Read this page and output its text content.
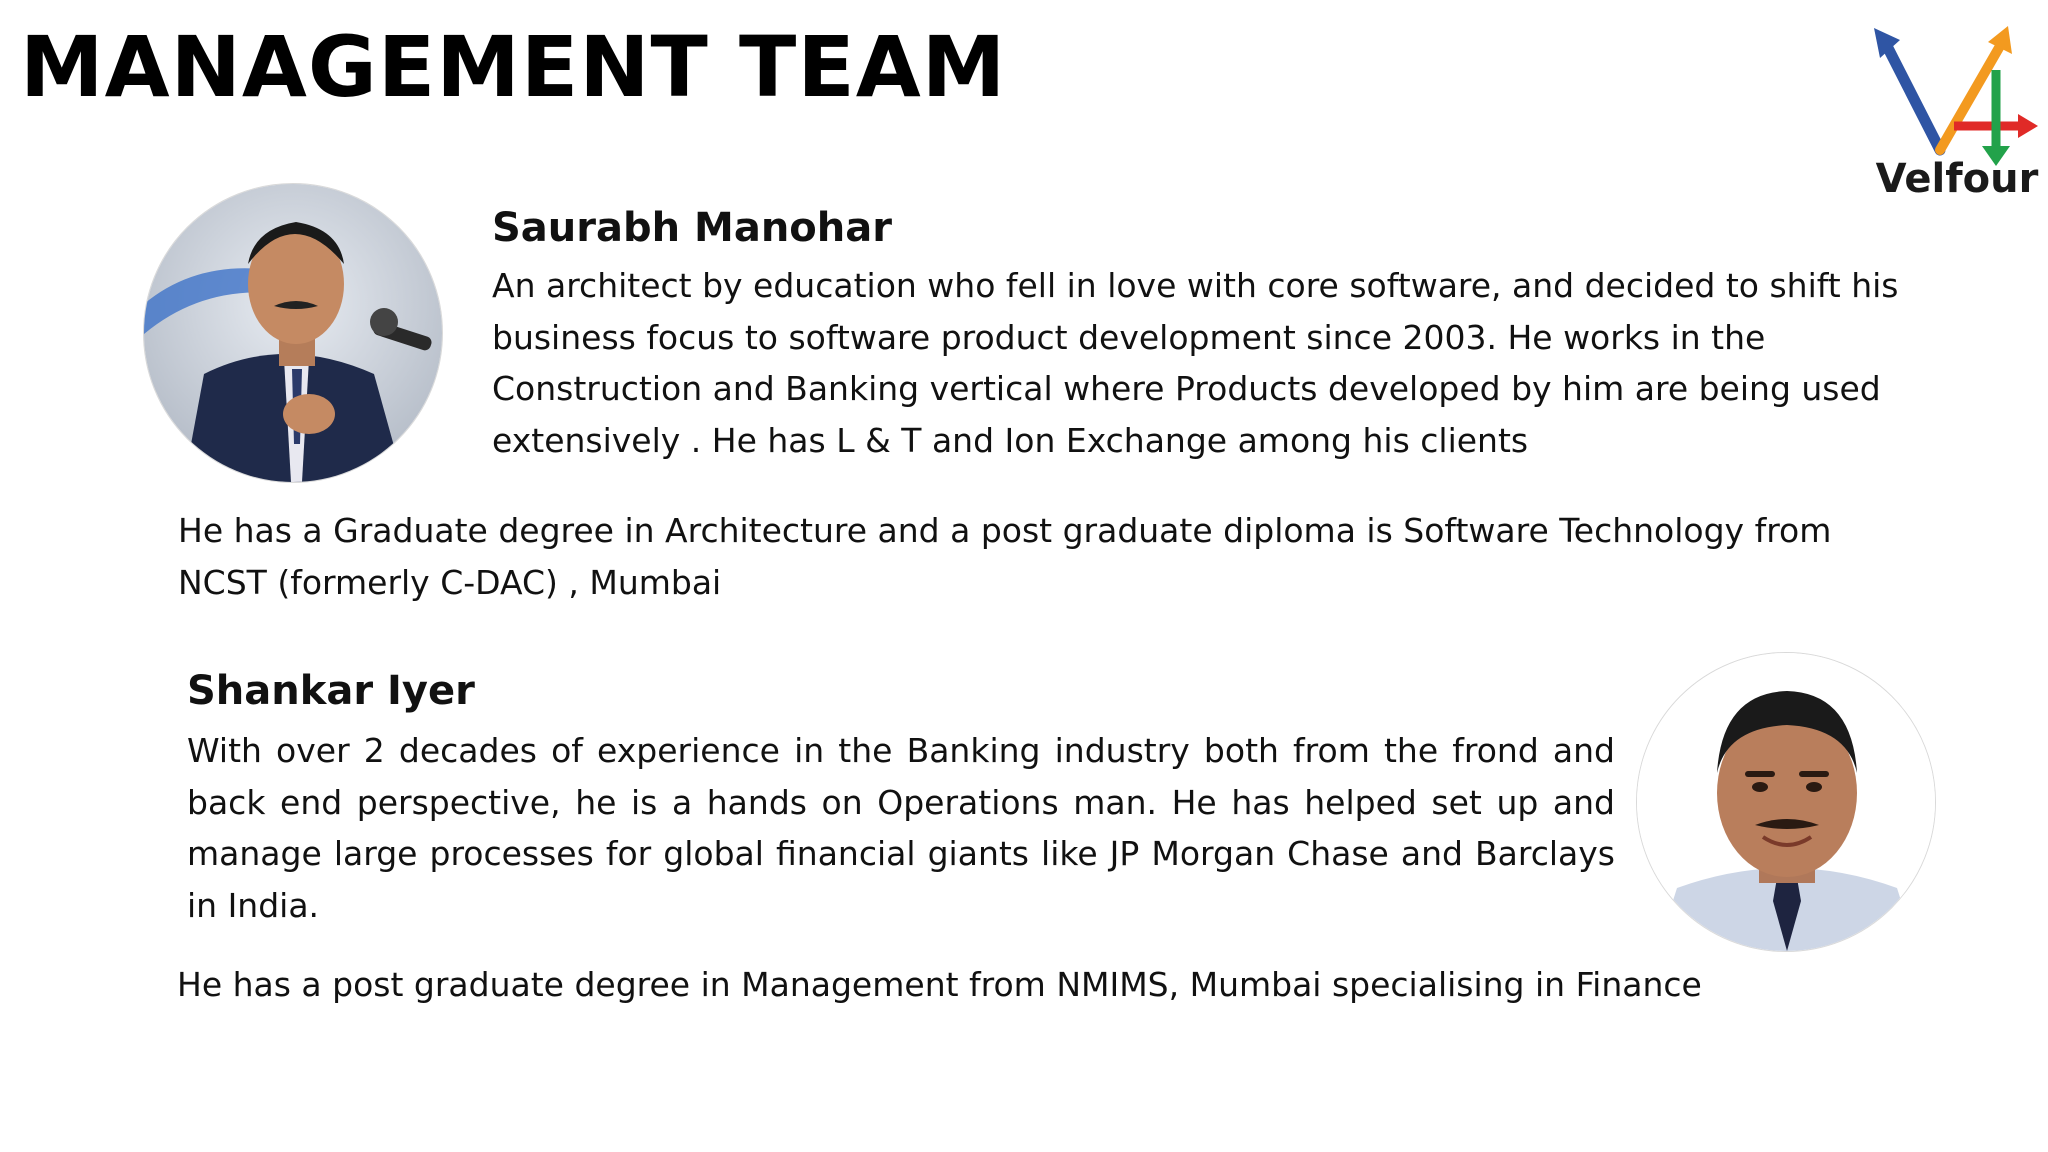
MANAGEMENT TEAM
Velfour
Saurabh Manohar
An architect by education who fell in love with core software, and decided to shift his business focus to software product development since 2003. He works in the Construction and Banking vertical where Products developed by him are being used extensively . He has L & T and Ion Exchange among his clients
He has a Graduate degree in Architecture and a post graduate diploma is Software Technology from NCST (formerly C-DAC) , Mumbai
Shankar Iyer
With over 2 decades of experience in the Banking industry both from the frond and back end perspective, he is a hands on Operations man. He has helped set up and manage large processes for global financial giants like JP Morgan Chase and Barclays in India.
He has a post graduate degree in Management from NMIMS, Mumbai specialising in Finance
